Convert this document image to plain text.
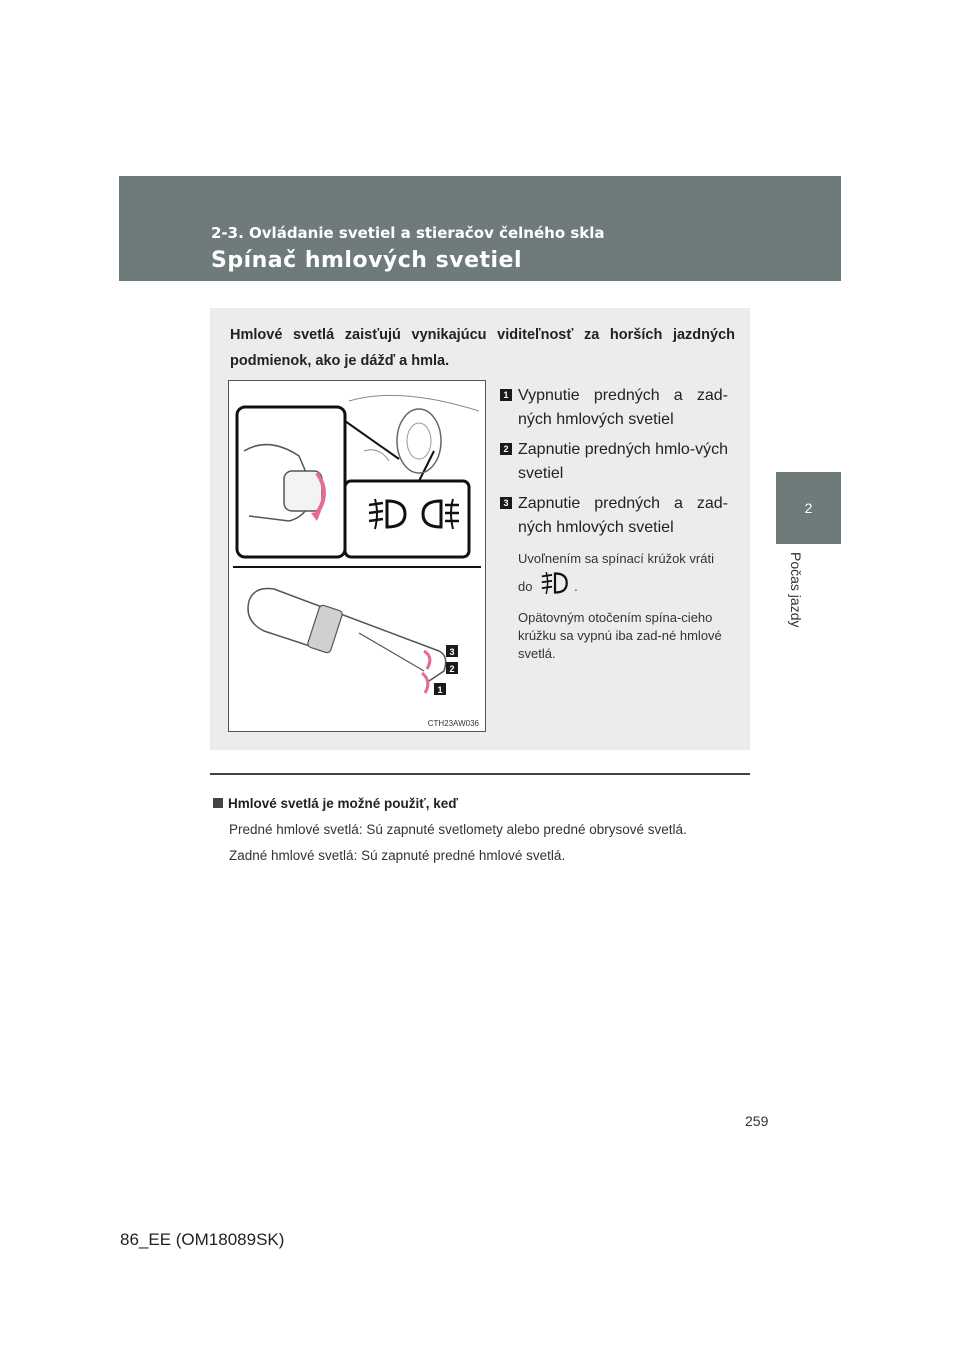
2-3. Ovládanie svetiel a stieračov čelného skla
Spínač hmlových svetiel
2
Počas jazdy
Hmlové svetlá zaisťujú vynikajúcu viditeľnosť za horších jazdných podmienok, ako je dážď a hmla.
3
2
1
CTH23AW036
1 Vypnutie predných a zad-ných hmlových svetiel
2 Zapnutie predných hmlo-vých svetiel
3 Zapnutie predných a zad-ných hmlových svetiel
Uvoľnením sa spínací krúžok vráti do	.
Opätovným otočením spína-cieho krúžku sa vypnú iba zad-né hmlové svetlá.
Hmlové svetlá je možné použiť, keď
Predné hmlové svetlá: Sú zapnuté svetlomety alebo predné obrysové svetlá.
Zadné hmlové svetlá: Sú zapnuté predné hmlové svetlá.
259
86_EE (OM18089SK)
